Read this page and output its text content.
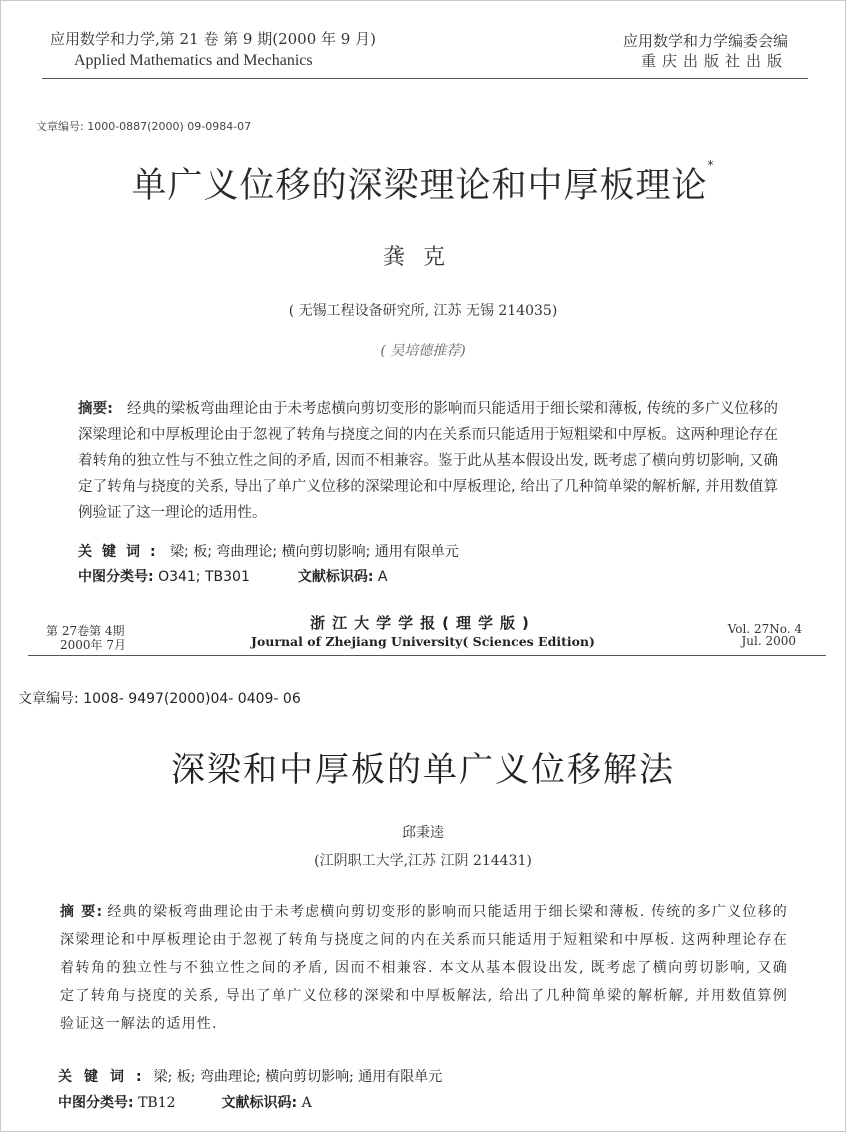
应用数学和力学,第 21 卷 第 9 期(2000 年 9 月)
Applied Mathematics and Mechanics
应用数学和力学编委会编
重庆出版社出版
文章编号: 1000-0887(2000) 09-0984-07
单广义位移的深梁理论和中厚板理论*
龚克
( 无锡工程设备研究所, 江苏 无锡 214035)
( 吴培德推荐)
摘要: 经典的梁板弯曲理论由于未考虑横向剪切变形的影响而只能适用于细长梁和薄板, 传统的多广义位移的深梁理论和中厚板理论由于忽视了转角与挠度之间的内在关系而只能适用于短粗梁和中厚板。这两种理论存在着转角的独立性与不独立性之间的矛盾, 因而不相兼容。鉴于此从基本假设出发, 既考虑了横向剪切影响, 又确定了转角与挠度的关系, 导出了单广义位移的深梁理论和中厚板理论, 给出了几种简单梁的解析解, 并用数值算例验证了这一理论的适用性。
关键词: 梁; 板; 弯曲理论; 横向剪切影响; 通用有限单元
中图分类号: O341; TB301	文献标识码: A
第 27卷第 4期
2000年 7月
浙江大学学报(理学版)
Journal of Zhejiang University( Sciences Edition)
Vol. 27No. 4
Jul. 2000
文章编号: 1008- 9497(2000)04- 0409- 06
深梁和中厚板的单广义位移解法
邱秉逵
(江阴职工大学,江苏 江阴 214431)
摘 要: 经典的梁板弯曲理论由于未考虑横向剪切变形的影响而只能适用于细长梁和薄板. 传统的多广义位移的深梁理论和中厚板理论由于忽视了转角与挠度之间的内在关系而只能适用于短粗梁和中厚板. 这两种理论存在着转角的独立性与不独立性之间的矛盾, 因而不相兼容. 本文从基本假设出发, 既考虑了横向剪切影响, 又确定了转角与挠度的关系, 导出了单广义位移的深梁和中厚板解法, 给出了几种简单梁的解析解, 并用数值算例验证这一解法的适用性.
关键词:梁; 板; 弯曲理论; 横向剪切影响; 通用有限单元
中图分类号: TB12	文献标识码: A
